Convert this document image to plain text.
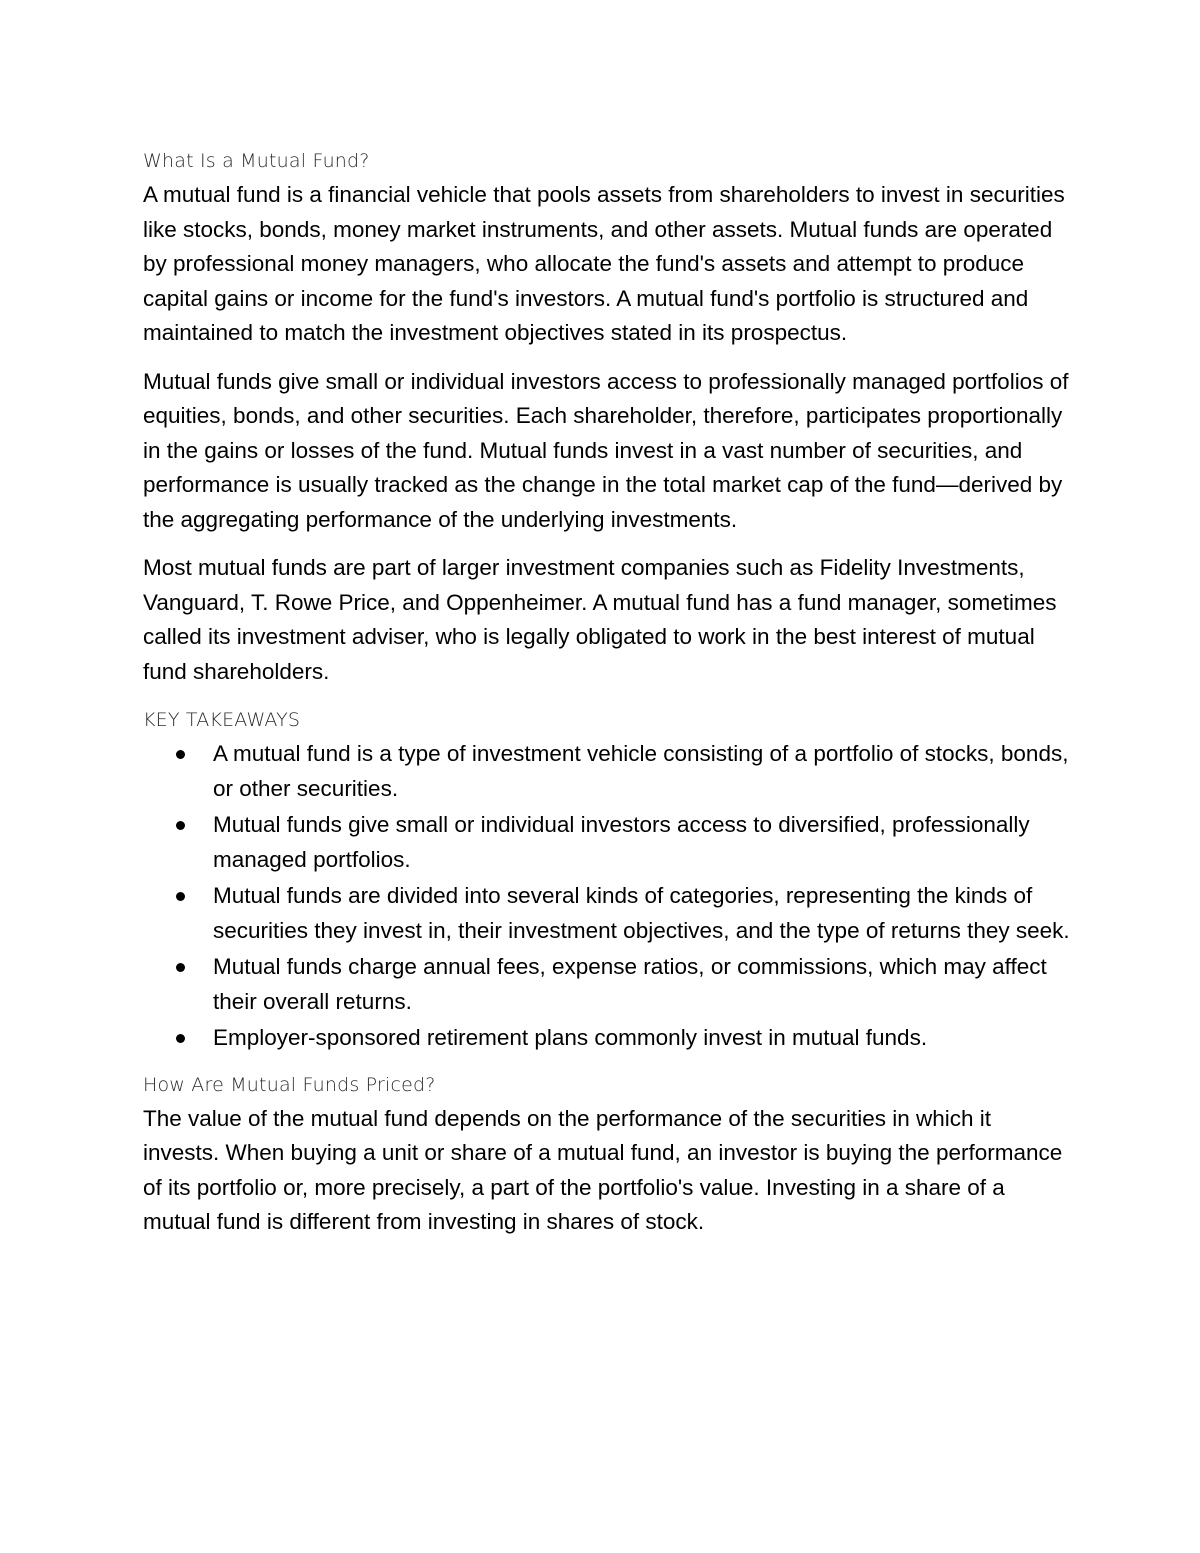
What Is a Mutual Fund?

A mutual fund is a financial vehicle that pools assets from shareholders to invest in securities like stocks, bonds, money market instruments, and other assets. Mutual funds are operated by professional money managers, who allocate the fund's assets and attempt to produce capital gains or income for the fund's investors. A mutual fund's portfolio is structured and maintained to match the investment objectives stated in its prospectus.

Mutual funds give small or individual investors access to professionally managed portfolios of equities, bonds, and other securities. Each shareholder, therefore, participates proportionally in the gains or losses of the fund. Mutual funds invest in a vast number of securities, and performance is usually tracked as the change in the total market cap of the fund—derived by the aggregating performance of the underlying investments.

Most mutual funds are part of larger investment companies such as Fidelity Investments, Vanguard, T. Rowe Price, and Oppenheimer. A mutual fund has a fund manager, sometimes called its investment adviser, who is legally obligated to work in the best interest of mutual fund shareholders.

KEY TAKEAWAYS
A mutual fund is a type of investment vehicle consisting of a portfolio of stocks, bonds, or other securities.
Mutual funds give small or individual investors access to diversified, professionally managed portfolios.
Mutual funds are divided into several kinds of categories, representing the kinds of securities they invest in, their investment objectives, and the type of returns they seek.
Mutual funds charge annual fees, expense ratios, or commissions, which may affect their overall returns.
Employer-sponsored retirement plans commonly invest in mutual funds.
How Are Mutual Funds Priced?

The value of the mutual fund depends on the performance of the securities in which it invests. When buying a unit or share of a mutual fund, an investor is buying the performance of its portfolio or, more precisely, a part of the portfolio's value. Investing in a share of a mutual fund is different from investing in shares of stock.
